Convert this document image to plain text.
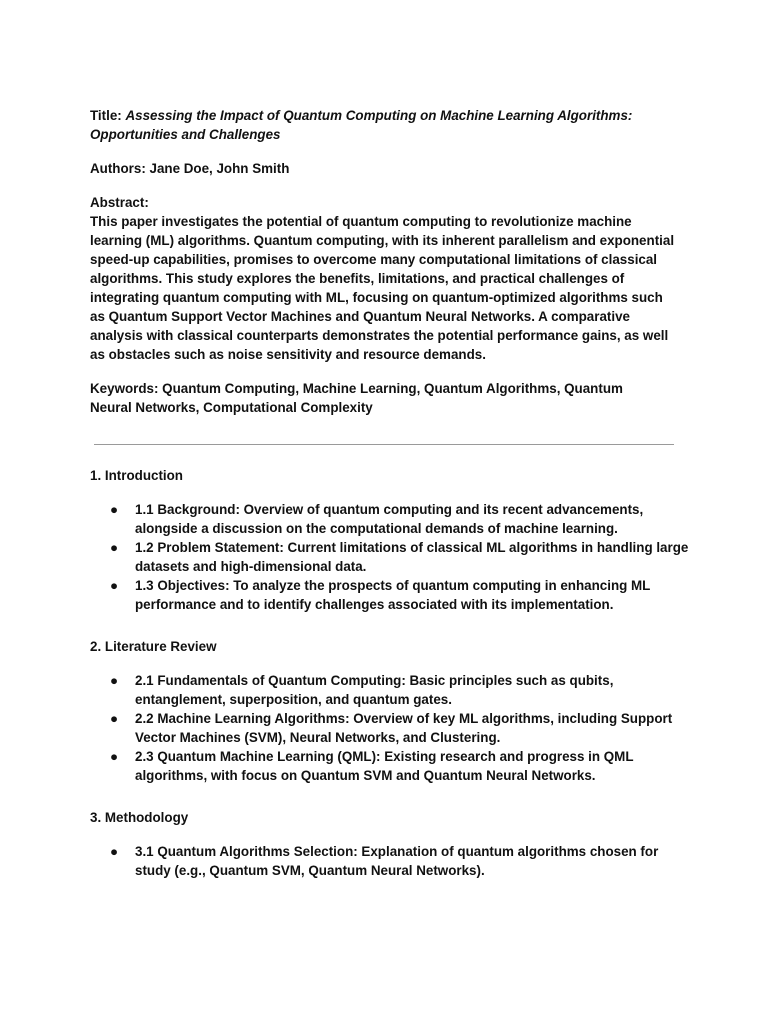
Title: Assessing the Impact of Quantum Computing on Machine Learning Algorithms: Opportunities and Challenges

Authors: Jane Doe, John Smith

Abstract:

This paper investigates the potential of quantum computing to revolutionize machine learning (ML) algorithms. Quantum computing, with its inherent parallelism and exponential speed-up capabilities, promises to overcome many computational limitations of classical algorithms. This study explores the benefits, limitations, and practical challenges of integrating quantum computing with ML, focusing on quantum-optimized algorithms such as Quantum Support Vector Machines and Quantum Neural Networks. A comparative analysis with classical counterparts demonstrates the potential performance gains, as well as obstacles such as noise sensitivity and resource demands.

Keywords: Quantum Computing, Machine Learning, Quantum Algorithms, Quantum Neural Networks, Computational Complexity

1. Introduction

● 1.1 Background: Overview of quantum computing and its recent advancements, alongside a discussion on the computational demands of machine learning.
● 1.2 Problem Statement: Current limitations of classical ML algorithms in handling large datasets and high-dimensional data.
● 1.3 Objectives: To analyze the prospects of quantum computing in enhancing ML performance and to identify challenges associated with its implementation.

2. Literature Review

● 2.1 Fundamentals of Quantum Computing: Basic principles such as qubits, entanglement, superposition, and quantum gates.
● 2.2 Machine Learning Algorithms: Overview of key ML algorithms, including Support Vector Machines (SVM), Neural Networks, and Clustering.
● 2.3 Quantum Machine Learning (QML): Existing research and progress in QML algorithms, with focus on Quantum SVM and Quantum Neural Networks.

3. Methodology

● 3.1 Quantum Algorithms Selection: Explanation of quantum algorithms chosen for study (e.g., Quantum SVM, Quantum Neural Networks).
